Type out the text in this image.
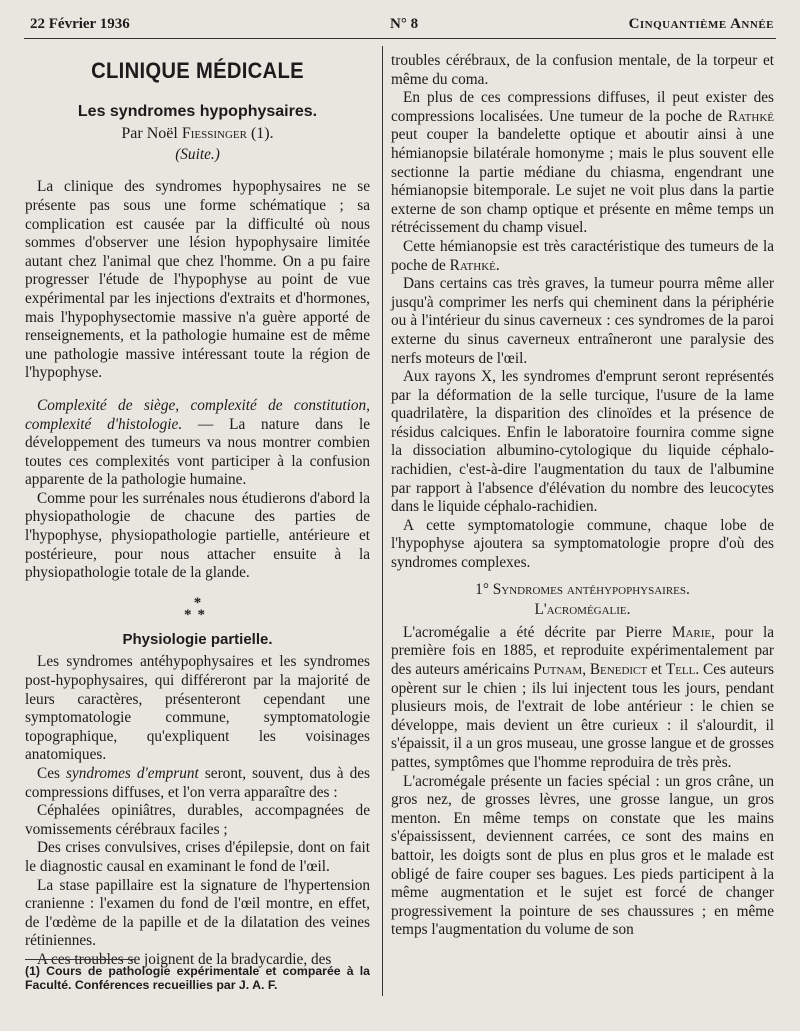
22 Février 1936	N° 8	Cinquantième Année
CLINIQUE MÉDICALE
Les syndromes hypophysaires.
Par Noël Fiessinger (1).
(Suite.)

La clinique des syndromes hypophysaires ne se présente pas sous une forme schématique ; sa complication est causée par la difficulté où nous sommes d'observer une lésion hypophysaire limitée autant chez l'animal que chez l'homme. On a pu faire progresser l'étude de l'hypophyse au point de vue expérimental par les injections d'extraits et d'hormones, mais l'hypophysectomie massive n'a guère apporté de renseignements, et la pathologie humaine est de même une pathologie massive intéressant toute la région de l'hypophyse.

Complexité de siège, complexité de constitution, complexité d'histologie. — La nature dans le développement des tumeurs va nous montrer combien toutes ces complexités vont participer à la confusion apparente de la pathologie humaine.

Comme pour les surrénales nous étudierons d'abord la physiopathologie de chacune des parties de l'hypophyse, physiopathologie partielle, antérieure et postérieure, pour nous attacher ensuite à la physiopathologie totale de la glande.

*
**
Physiologie partielle.

Les syndromes antéhypophysaires et les syndromes post-hypophysaires, qui différeront par la majorité de leurs caractères, présenteront cependant une symptomatologie commune, symptomatologie topographique, qu'expliquent les voisinages anatomiques.

Ces syndromes d'emprunt seront, souvent, dus à des compressions diffuses, et l'on verra apparaître des :

Céphalées opiniâtres, durables, accompagnées de vomissements cérébraux faciles ;

Des crises convulsives, crises d'épilepsie, dont on fait le diagnostic causal en examinant le fond de l'œil.

La stase papillaire est la signature de l'hypertension cranienne : l'examen du fond de l'œil montre, en effet, de l'œdème de la papille et de la dilatation des veines rétiniennes.

A ces troubles se joignent de la bradycardie, des

(1) Cours de pathologie expérimentale et comparée à la Faculté. Conférences recueillies par J. A. F.

troubles cérébraux, de la confusion mentale, de la torpeur et même du coma.

En plus de ces compressions diffuses, il peut exister des compressions localisées. Une tumeur de la poche de Rathké peut couper la bandelette optique et aboutir ainsi à une hémianopsie bilatérale homonyme ; mais le plus souvent elle sectionne la partie médiane du chiasma, engendrant une hémianopsie bitemporale. Le sujet ne voit plus dans la partie externe de son champ optique et présente en même temps un rétrécissement du champ visuel.

Cette hémianopsie est très caractéristique des tumeurs de la poche de Rathké.

Dans certains cas très graves, la tumeur pourra même aller jusqu'à comprimer les nerfs qui cheminent dans la périphérie ou à l'intérieur du sinus caverneux : ces syndromes de la paroi externe du sinus caverneux entraîneront une paralysie des nerfs moteurs de l'œil.

Aux rayons X, les syndromes d'emprunt seront représentés par la déformation de la selle turcique, l'usure de la lame quadrilatère, la disparition des clinoïdes et la présence de résidus calciques. Enfin le laboratoire fournira comme signe la dissociation albumino-cytologique du liquide céphalo-rachidien, c'est-à-dire l'augmentation du taux de l'albumine par rapport à l'absence d'élévation du nombre des leucocytes dans le liquide céphalo-rachidien.

A cette symptomatologie commune, chaque lobe de l'hypophyse ajoutera sa symptomatologie propre d'où des syndromes complexes.

1° Syndromes antéhypophysaires.
L'acromégalie.

L'acromégalie a été décrite par Pierre Marie, pour la première fois en 1885, et reproduite expérimentalement par des auteurs américains Putnam, Benedict et Tell. Ces auteurs opèrent sur le chien ; ils lui injectent tous les jours, pendant plusieurs mois, de l'extrait de lobe antérieur : le chien se développe, mais devient un être curieux : il s'alourdit, il s'épaissit, il a un gros museau, une grosse langue et de grosses pattes, symptômes que l'homme reproduira de très près.

L'acromégale présente un facies spécial : un gros crâne, un gros nez, de grosses lèvres, une grosse langue, un gros menton. En même temps on constate que les mains s'épaississent, deviennent carrées, ce sont des mains en battoir, les doigts sont de plus en plus gros et le malade est obligé de faire couper ses bagues. Les pieds participent à la même augmentation et le sujet est forcé de changer progressivement la pointure de ses chaussures ; en même temps l'augmentation du volume de son
